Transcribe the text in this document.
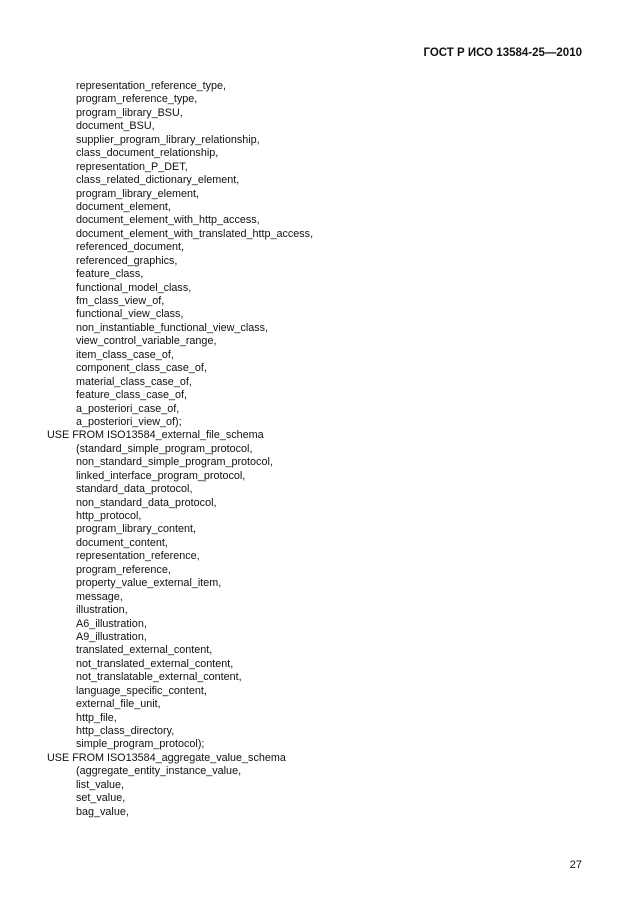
ГОСТ Р ИСО 13584-25—2010
representation_reference_type,
program_reference_type,
program_library_BSU,
document_BSU,
supplier_program_library_relationship,
class_document_relationship,
representation_P_DET,
class_related_dictionary_element,
program_library_element,
document_element,
document_element_with_http_access,
document_element_with_translated_http_access,
referenced_document,
referenced_graphics,
feature_class,
functional_model_class,
fm_class_view_of,
functional_view_class,
non_instantiable_functional_view_class,
view_control_variable_range,
item_class_case_of,
component_class_case_of,
material_class_case_of,
feature_class_case_of,
a_posteriori_case_of,
a_posteriori_view_of);
USE FROM ISO13584_external_file_schema
(standard_simple_program_protocol,
non_standard_simple_program_protocol,
linked_interface_program_protocol,
standard_data_protocol,
non_standard_data_protocol,
http_protocol,
program_library_content,
document_content,
representation_reference,
program_reference,
property_value_external_item,
message,
illustration,
A6_illustration,
A9_illustration,
translated_external_content,
not_translated_external_content,
not_translatable_external_content,
language_specific_content,
external_file_unit,
http_file,
http_class_directory,
simple_program_protocol);
USE FROM ISO13584_aggregate_value_schema
(aggregate_entity_instance_value,
list_value,
set_value,
bag_value,
27
